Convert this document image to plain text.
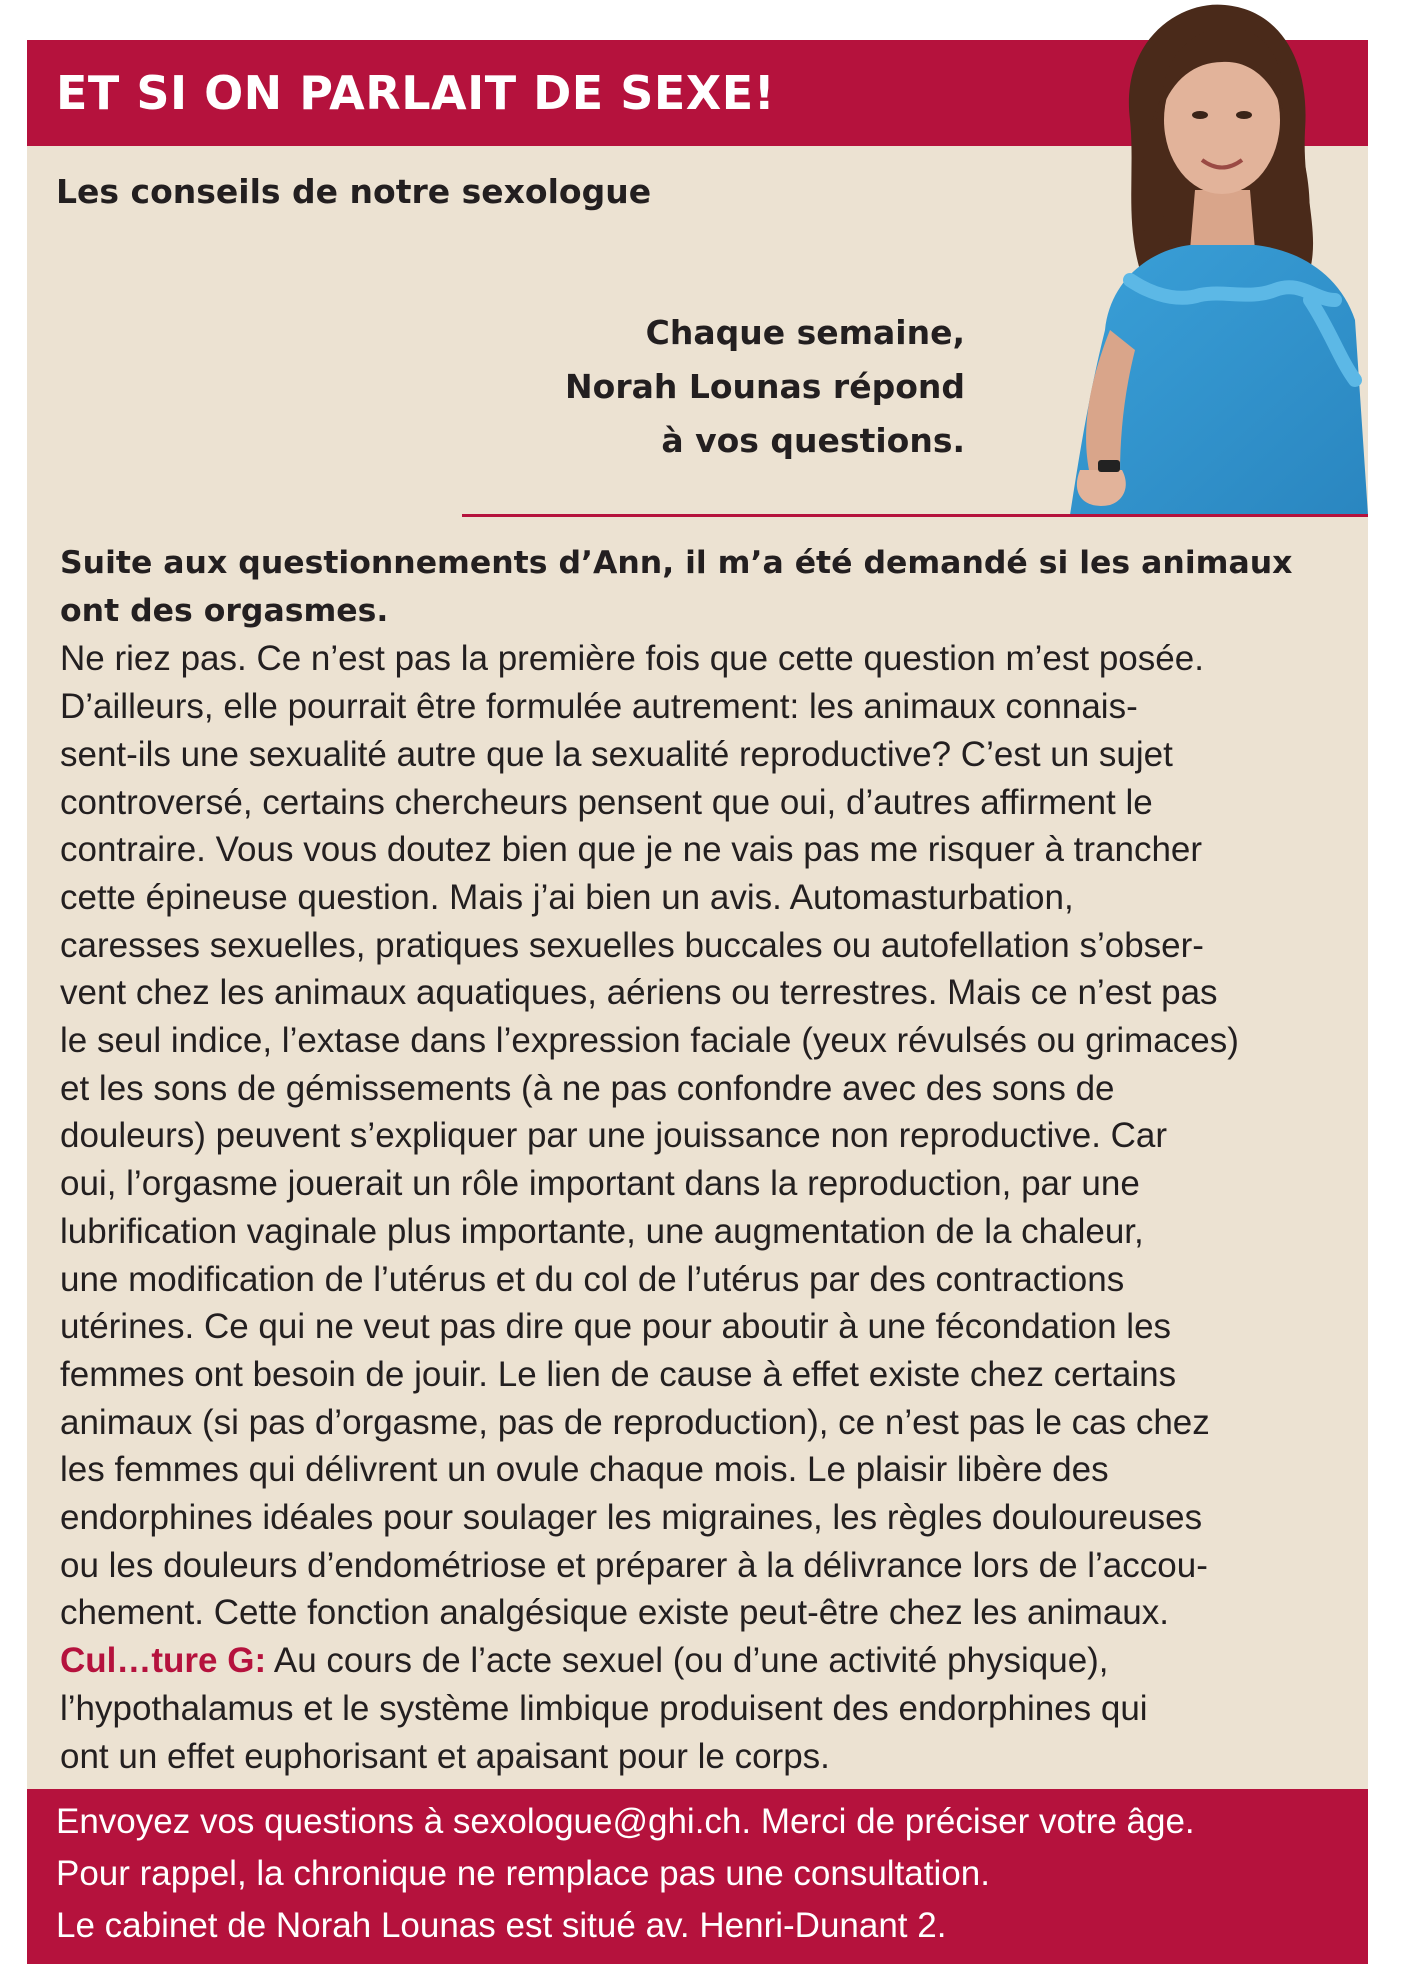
ET SI ON PARLAIT DE SEXE!
Les conseils de notre sexologue
Chaque semaine,
Norah Lounas répond
à vos questions.
Suite aux questionnements d’Ann, il m’a été demandé si les animaux
ont des orgasmes.
Ne riez pas. Ce n’est pas la première fois que cette question m’est posée.
D’ailleurs, elle pourrait être formulée autrement: les animaux connais-
sent-ils une sexualité autre que la sexualité reproductive? C’est un sujet
controversé, certains chercheurs pensent que oui, d’autres affirment le
contraire. Vous vous doutez bien que je ne vais pas me risquer à trancher
cette épineuse question. Mais j’ai bien un avis. Automasturbation,
caresses sexuelles, pratiques sexuelles buccales ou autofellation s’obser-
vent chez les animaux aquatiques, aériens ou terrestres. Mais ce n’est pas
le seul indice, l’extase dans l’expression faciale (yeux révulsés ou grimaces)
et les sons de gémissements (à ne pas confondre avec des sons de
douleurs) peuvent s’expliquer par une jouissance non reproductive. Car
oui, l’orgasme jouerait un rôle important dans la reproduction, par une
lubrification vaginale plus importante, une augmentation de la chaleur,
une modification de l’utérus et du col de l’utérus par des contractions
utérines. Ce qui ne veut pas dire que pour aboutir à une fécondation les
femmes ont besoin de jouir. Le lien de cause à effet existe chez certains
animaux (si pas d’orgasme, pas de reproduction), ce n’est pas le cas chez
les femmes qui délivrent un ovule chaque mois. Le plaisir libère des
endorphines idéales pour soulager les migraines, les règles douloureuses
ou les douleurs d’endométriose et préparer à la délivrance lors de l’accou-
chement. Cette fonction analgésique existe peut-être chez les animaux.
Cul…ture G: Au cours de l’acte sexuel (ou d’une activité physique),
l’hypothalamus et le système limbique produisent des endorphines qui
ont un effet euphorisant et apaisant pour le corps.
Envoyez vos questions à sexologue@ghi.ch. Merci de préciser votre âge.
Pour rappel, la chronique ne remplace pas une consultation.
Le cabinet de Norah Lounas est situé av. Henri-Dunant 2.
